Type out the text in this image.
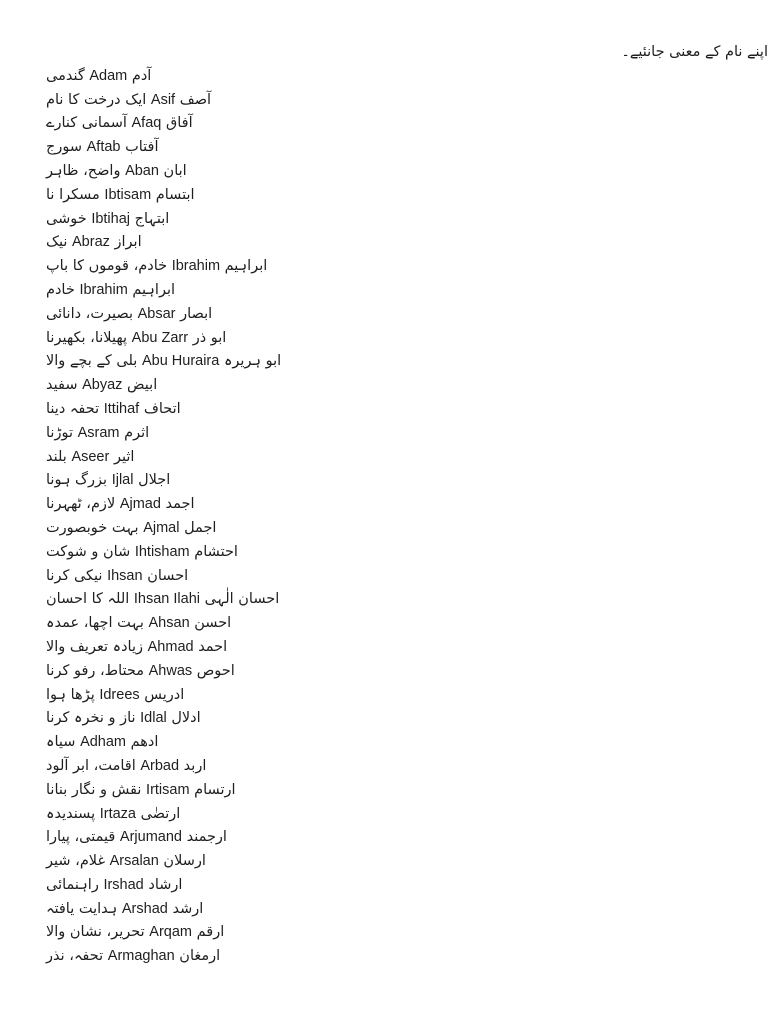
اپنے نام کے معنی جانئیے۔
گندمی Adam آدم
ایک درخت کا نام Asif آصف
آسمانی کنارے Afaq آفاق
سورج Aftab آفتاب
واضح، ظاہر Aban ابان
مسکرا نا Ibtisam ابتسام
خوشی Ibtihaj ابتہاج
نیک Abraz ابراز
خادم، قوموں کا باپ Ibrahim ابراہیم
خادم Ibrahim ابراہیم
بصیرت، دانائی Absar ابصار
پھیلانا، بکھیرنا Abu Zarr ابو ذر
بلی کے بچے والا Abu Huraira ابو ہریرہ
سفید Abyaz ابیض
تحفہ دینا Ittihaf اتحاف
توڑنا Asram اثرم
بلند Aseer اثیر
بزرگ ہونا Ijlal اجلال
لازم، ٹھہرنا Ajmad اجمد
بہت خوبصورت Ajmal اجمل
شان و شوکت Ihtisham احتشام
نیکی کرنا Ihsan احسان
اللہ کا احسان Ihsan Ilahi احسان الٰہی
بہت اچھا، عمدہ Ahsan احسن
زیادہ تعریف والا Ahmad احمد
محتاط، رفو کرنا Ahwas احوص
پڑھا ہوا Idrees ادریس
ناز و نخرہ کرنا Idlal ادلال
سیاہ Adham ادھم
اقامت، ابر آلود Arbad اربد
نقش و نگار بنانا Irtisam ارتسام
پسندیدہ Irtaza ارتضٰی
قیمتی، پیارا Arjumand ارجمند
غلام، شیر Arsalan ارسلان
راہنمائی Irshad ارشاد
ہدایت یافتہ Arshad ارشد
تحریر، نشان والا Arqam ارقم
تحفہ، نذر Armaghan ارمغان
